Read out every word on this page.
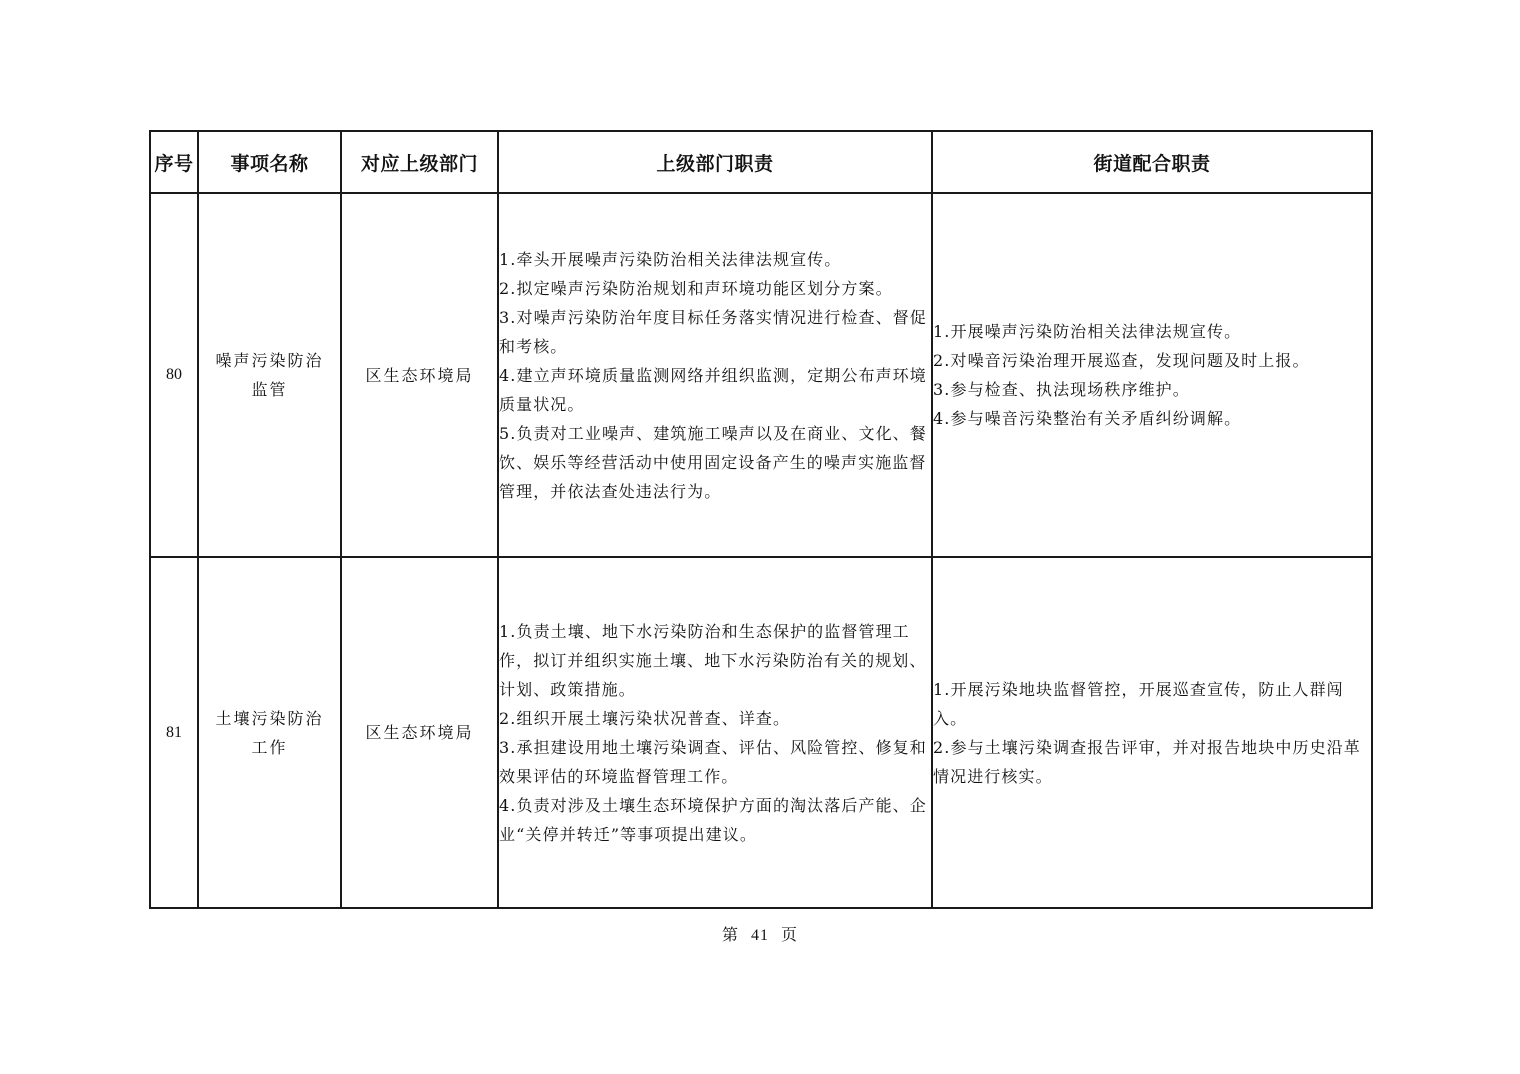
序号	事项名称	对应上级部门	上级部门职责	街道配合职责
80	噪声污染防治监管	区生态环境局	1.牵头开展噪声污染防治相关法律法规宣传。
2.拟定噪声污染防治规划和声环境功能区划分方案。
3.对噪声污染防治年度目标任务落实情况进行检查、督促和考核。
4.建立声环境质量监测网络并组织监测，定期公布声环境质量状况。
5.负责对工业噪声、建筑施工噪声以及在商业、文化、餐饮、娱乐等经营活动中使用固定设备产生的噪声实施监督管理，并依法查处违法行为。	1.开展噪声污染防治相关法律法规宣传。
2.对噪音污染治理开展巡查，发现问题及时上报。
3.参与检查、执法现场秩序维护。
4.参与噪音污染整治有关矛盾纠纷调解。

81	土壤污染防治工作	区生态环境局	1.负责土壤、地下水污染防治和生态保护的监督管理工作，拟订并组织实施土壤、地下水污染防治有关的规划、计划、政策措施。
2.组织开展土壤污染状况普查、详查。
3.承担建设用地土壤污染调查、评估、风险管控、修复和效果评估的环境监督管理工作。
4.负责对涉及土壤生态环境保护方面的淘汰落后产能、企业“关停并转迁”等事项提出建议。	1.开展污染地块监督管控，开展巡查宣传，防止人群闯入。
2.参与土壤污染调查报告评审，并对报告地块中历史沿革情况进行核实。
第 41 页
